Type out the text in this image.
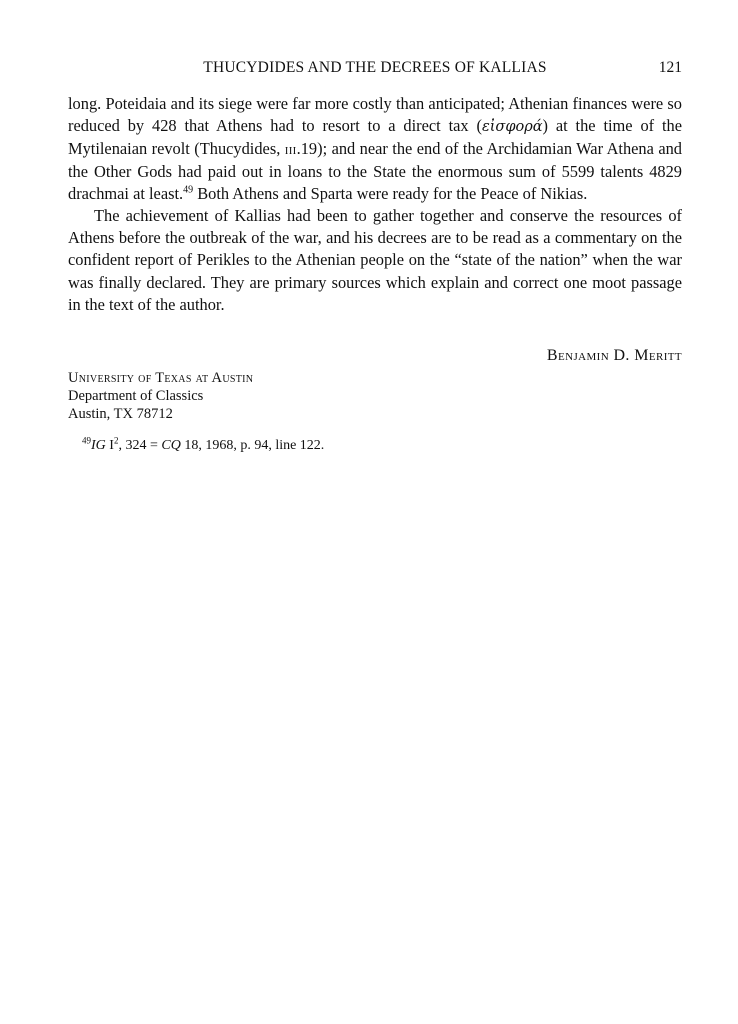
THUCYDIDES AND THE DECREES OF KALLIAS	121

long. Poteidaia and its siege were far more costly than anticipated; Athenian finances were so reduced by 428 that Athens had to resort to a direct tax (εἰσφορά) at the time of the Mytilenaian revolt (Thucydides, iii.19); and near the end of the Archidamian War Athena and the Other Gods had paid out in loans to the State the enormous sum of 5599 talents 4829 drachmai at least.$^{49}$ Both Athens and Sparta were ready for the Peace of Nikias.

The achievement of Kallias had been to gather together and conserve the resources of Athens before the outbreak of the war, and his decrees are to be read as a commentary on the confident report of Perikles to the Athenian people on the “state of the nation” when the war was finally declared. They are primary sources which explain and correct one moot passage in the text of the author.

Benjamin D. Meritt
University of Texas at Austin
Department of Classics
Austin, TX 78712
$^{49}$IG $I^2$, 324 = CQ 18, 1968, p. 94, line 122.
